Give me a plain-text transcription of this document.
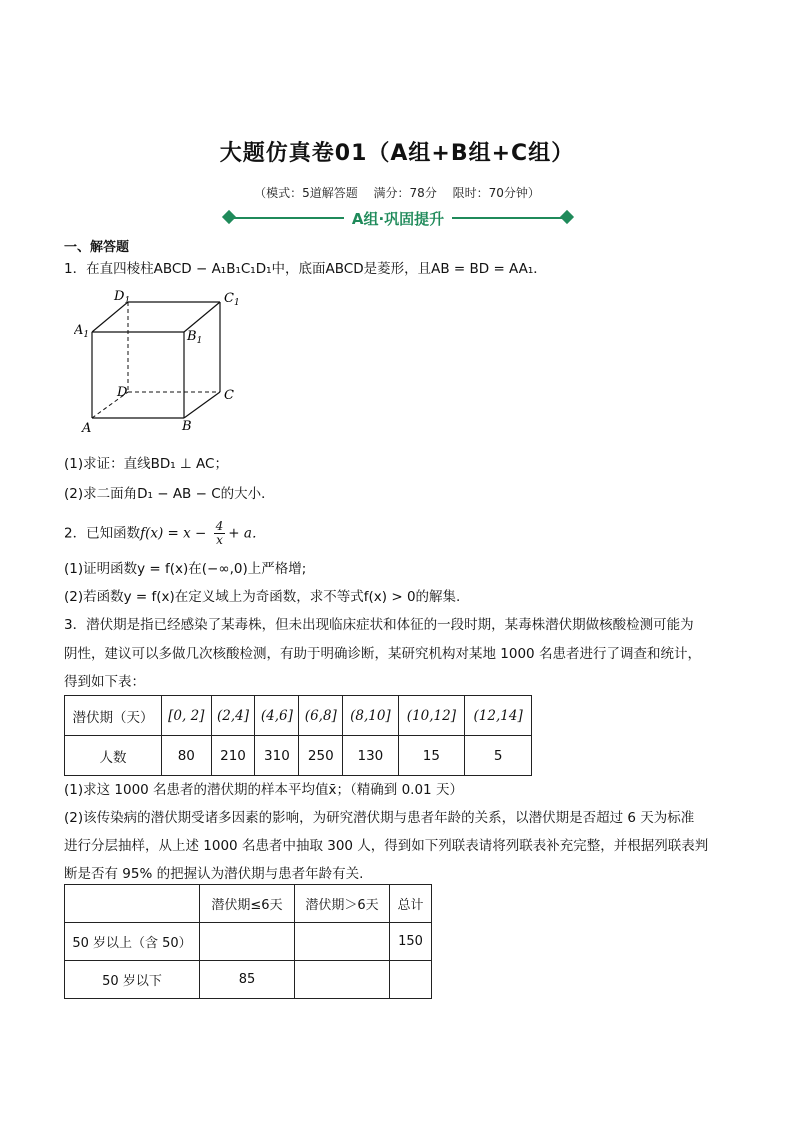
大题仿真卷01（A组+B组+C组）
（模式：5道解答题　 满分：78分　 限时：70分钟）
A组·巩固提升
一、解答题
1．在直四棱柱ABCD − A₁B₁C₁D₁中，底面ABCD是菱形，且AB = BD = AA₁．
$D_1$	$C_1$
$A_1$	$B_1$
D	C
A	B
(1)求证：直线BD₁ ⊥ AC；
(2)求二面角D₁ − AB − C的大小．
2．已知函数$f(x) = x - \frac{4}{x} + a$．
(1)证明函数y = f(x)在(−∞,0)上严格增;
(2)若函数y = f(x)在定义域上为奇函数，求不等式f(x) > 0的解集.
3．潜伏期是指已经感染了某毒株，但未出现临床症状和体征的一段时期，某毒株潜伏期做核酸检测可能为
阴性，建议可以多做几次核酸检测，有助于明确诊断，某研究机构对某地 1000 名患者进行了调查和统计，
得到如下表：
潜伏期（天）	[0, 2]	(2,4]	(4,6]	(6,8]	(8,10]	(10,12]	(12,14]
人数	80	210	310	250	130	15	5
(1)求这 1000 名患者的潜伏期的样本平均值x̄；（精确到 0.01 天）
(2)该传染病的潜伏期受诸多因素的影响，为研究潜伏期与患者年龄的关系，以潜伏期是否超过 6 天为标准
进行分层抽样，从上述 1000 名患者中抽取 300 人，得到如下列联表请将列联表补充完整，并根据列联表判
断是否有 95% 的把握认为潜伏期与患者年龄有关.
	潜伏期≤6天	潜伏期＞6天	总计
50 岁以上（含 50）			150
50 岁以下	85		
